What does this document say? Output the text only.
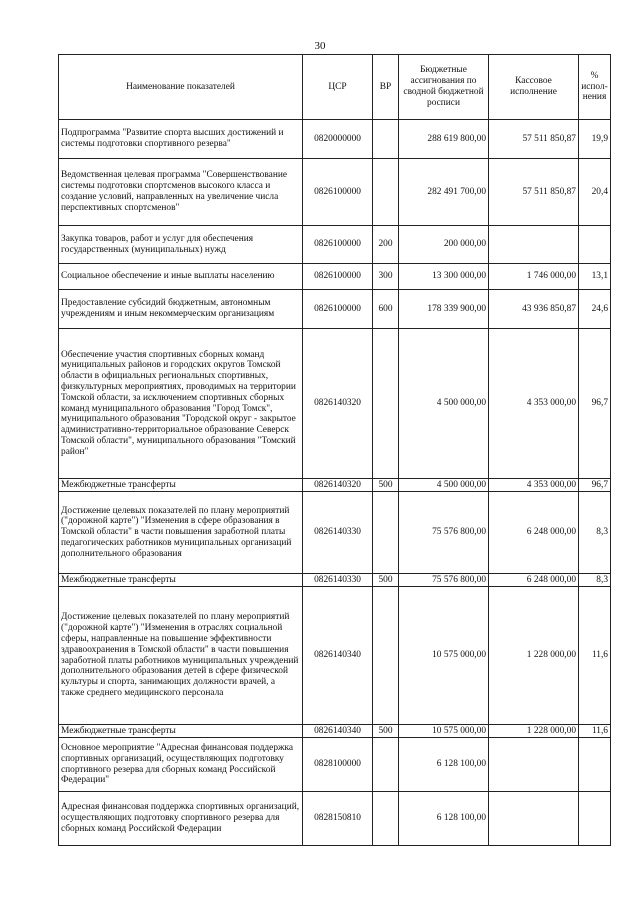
30
Наименование показателей	ЦСР	ВР	Бюджетные ассигнования по сводной бюджетной росписи	Кассовое исполнение	% испол-нения
Подпрограмма "Развитие спорта высших достижений и системы подготовки спортивного резерва"	0820000000		288 619 800,00	57 511 850,87	19,9
Ведомственная целевая программа "Совершенствование системы подготовки спортсменов высокого класса и создание условий, направленных на увеличение числа перспективных спортсменов"	0826100000		282 491 700,00	57 511 850,87	20,4
Закупка товаров, работ и услуг для обеспечения государственных (муниципальных) нужд	0826100000	200	200 000,00		
Социальное обеспечение и иные выплаты населению	0826100000	300	13 300 000,00	1 746 000,00	13,1
Предоставление субсидий бюджетным, автономным учреждениям и иным некоммерческим организациям	0826100000	600	178 339 900,00	43 936 850,87	24,6
Обеспечение участия спортивных сборных команд муниципальных районов и городских округов Томской области в официальных региональных спортивных, физкультурных мероприятиях, проводимых на территории Томской области, за исключением спортивных сборных команд муниципального образования "Город Томск", муниципального образования "Городской округ - закрытое административно-территориальное образование Северск Томской области", муниципального образования "Томский район"	0826140320		4 500 000,00	4 353 000,00	96,7
Межбюджетные трансферты	0826140320	500	4 500 000,00	4 353 000,00	96,7
Достижение целевых показателей по плану мероприятий ("дорожной карте") "Изменения в сфере образования в Томской области" в части повышения заработной платы педагогических работников муниципальных организаций дополнительного образования	0826140330		75 576 800,00	6 248 000,00	8,3
Межбюджетные трансферты	0826140330	500	75 576 800,00	6 248 000,00	8,3
Достижение целевых показателей по плану мероприятий ("дорожной карте") "Изменения в отраслях социальной сферы, направленные на повышение эффективности здравоохранения в Томской области" в части повышения заработной платы работников муниципальных учреждений дополнительного образования детей в сфере физической культуры и спорта, занимающих должности врачей, а также среднего медицинского персонала	0826140340		10 575 000,00	1 228 000,00	11,6
Межбюджетные трансферты	0826140340	500	10 575 000,00	1 228 000,00	11,6
Основное мероприятие "Адресная финансовая поддержка спортивных организаций, осуществляющих подготовку спортивного резерва для сборных команд Российской Федерации"	0828100000		6 128 100,00		
Адресная финансовая поддержка спортивных организаций, осуществляющих подготовку спортивного резерва для сборных команд Российской Федерации	0828150810		6 128 100,00		
